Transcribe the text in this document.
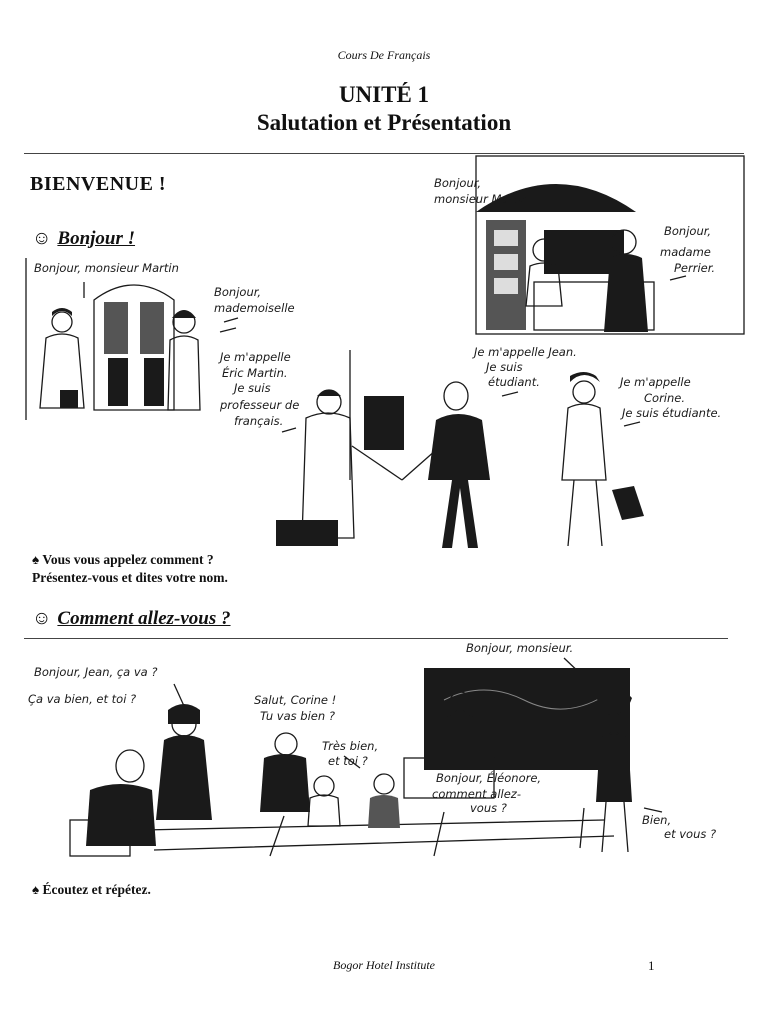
Cours De Français
UNITÉ 1
Salutation et Présentation
BIENVENUE !
☺ Bonjour !
Bonjour, monsieur Martin
Bonjour,
mademoiselle
Bonjour,
monsieur Martin.
Bonjour,
madame
Perrier.
Je m'appelle
Éric Martin.
Je suis
professeur de
français.
Je m'appelle Jean.
Je suis
étudiant.	Je m'appelle
Corine.
Je suis étudiante.
♠ Vous vous appelez comment ?
Présentez-vous et dites votre nom.
☺ Comment allez-vous ?
Bonjour, Jean, ça va ?
Ça va bien, et toi ?	Salut, Corine !
Tu vas bien ?
Très bien,
et toi ?
Bonjour, monsieur.
Bonjour, Éléonore,
comment allez-
vous ?
Bien,
et vous ?
♠ Écoutez et répétez.
Bogor Hotel Institute	1
